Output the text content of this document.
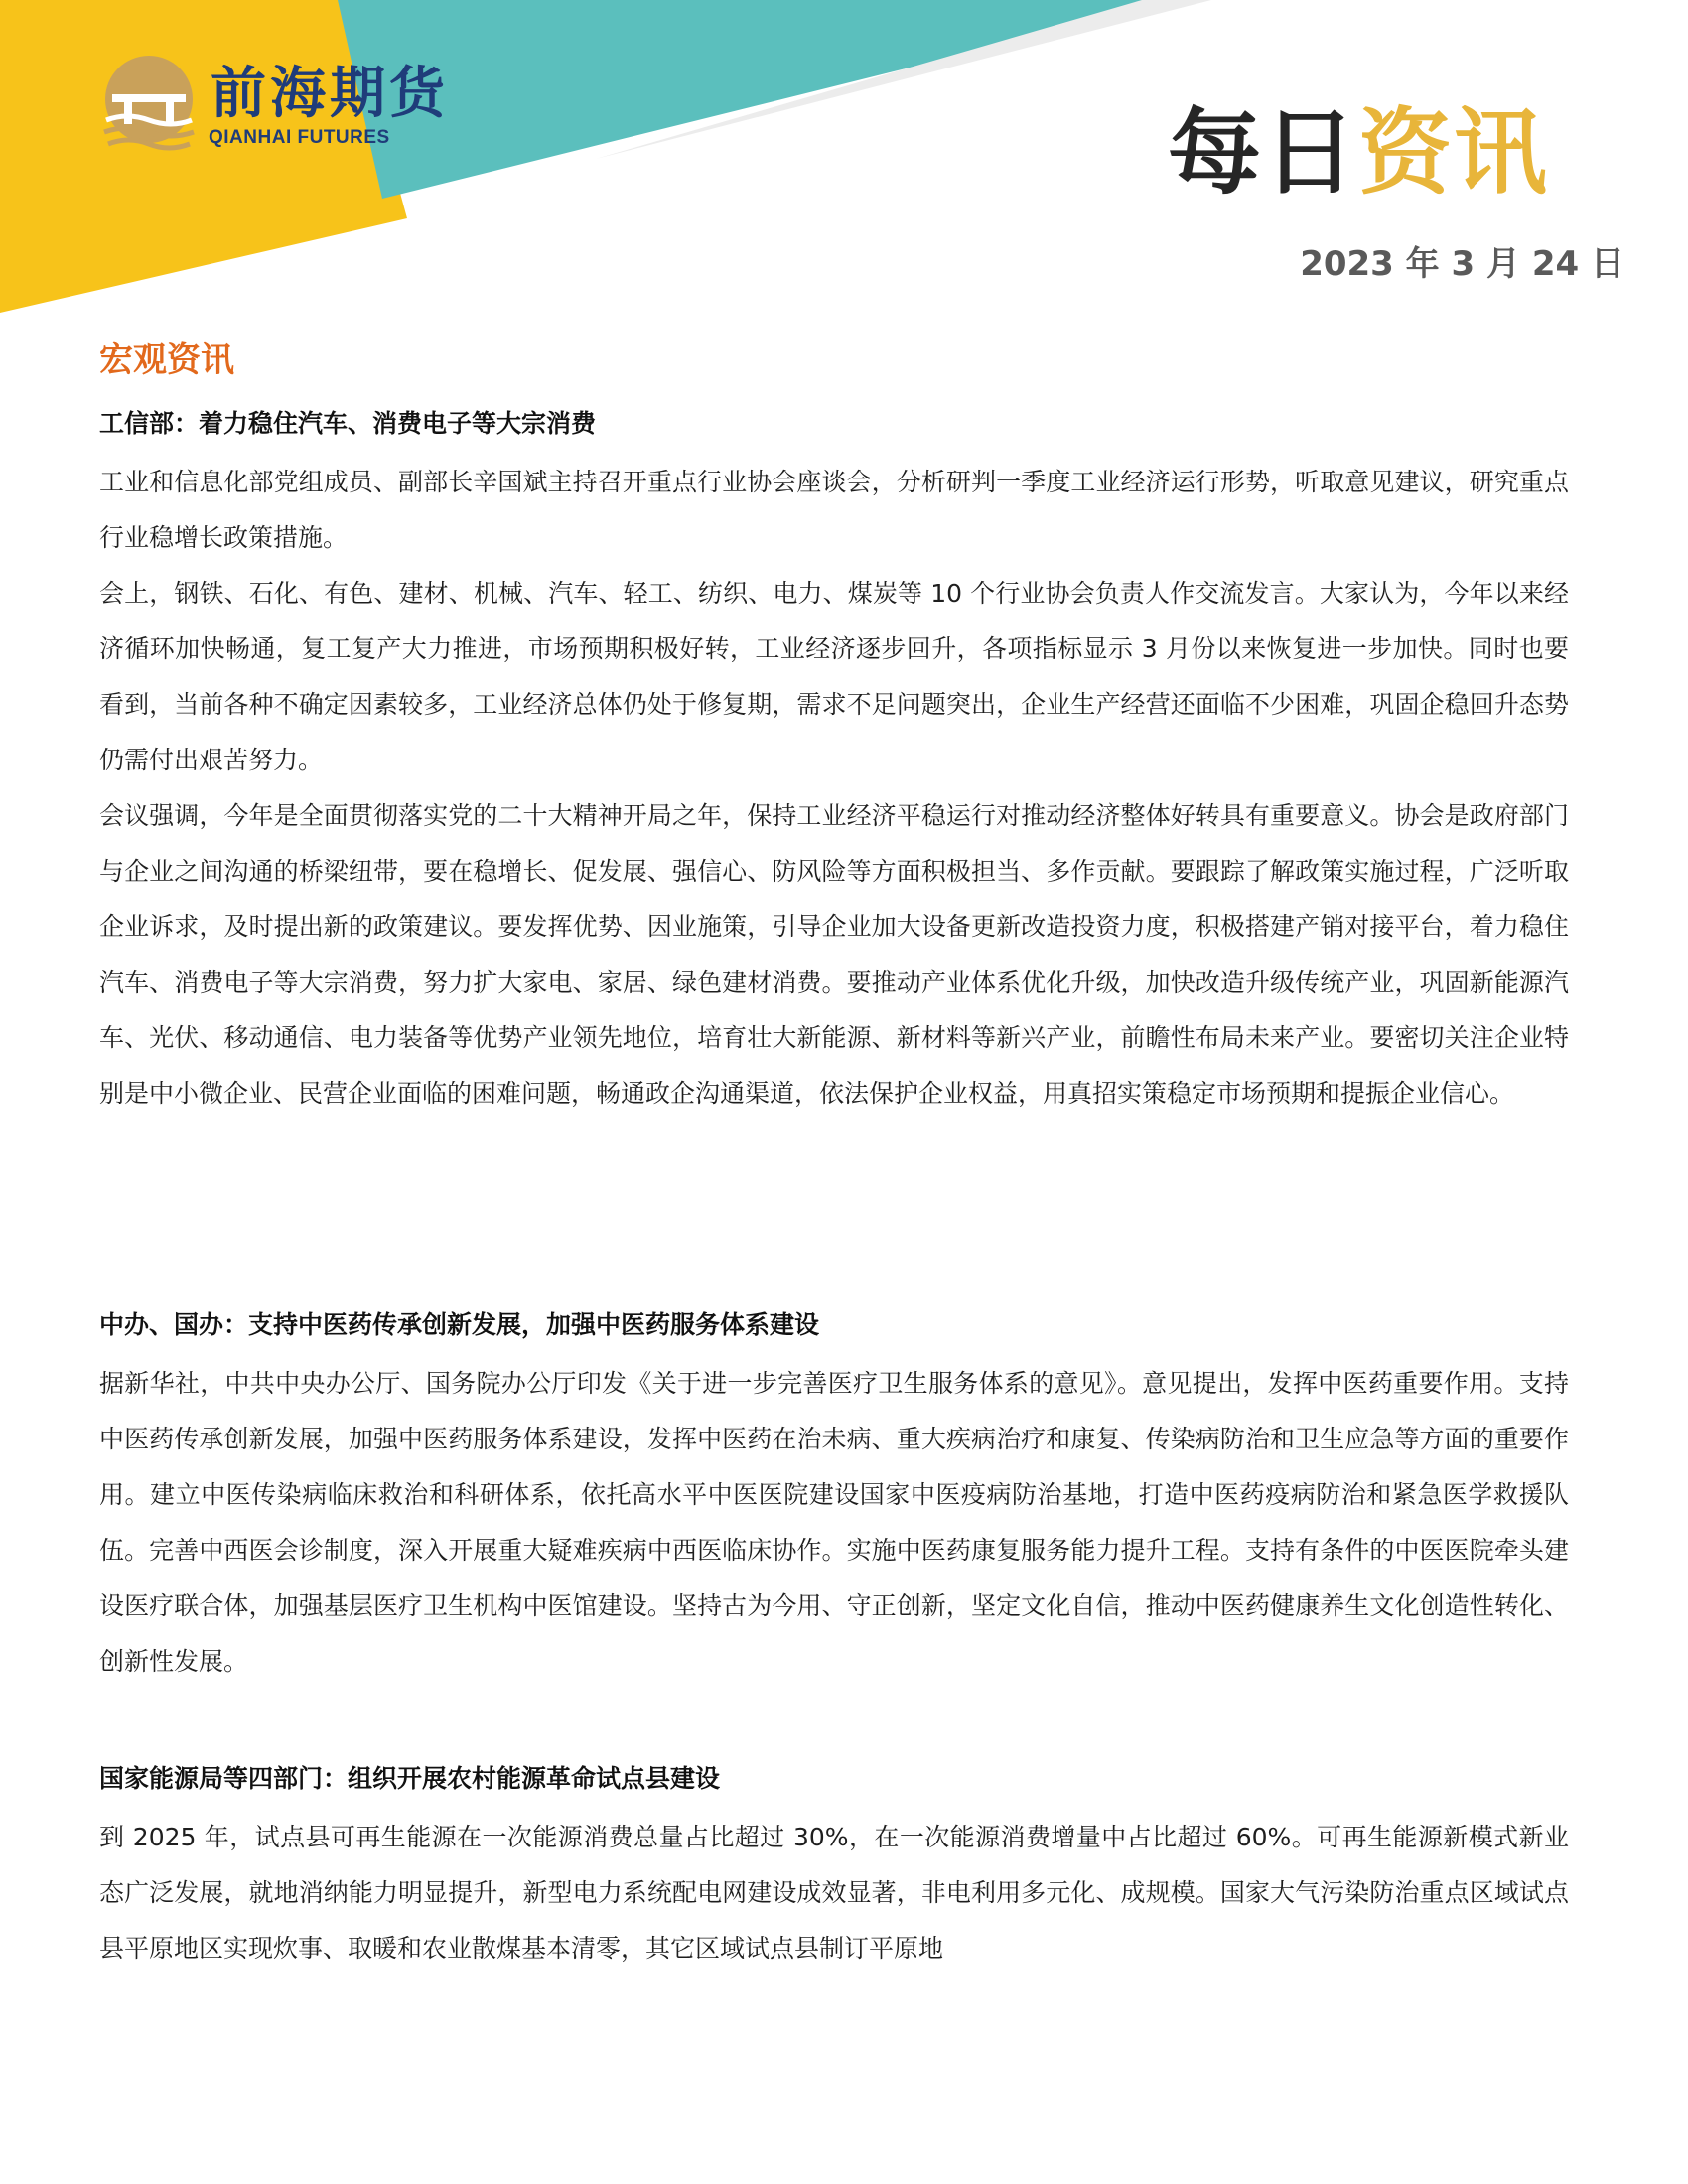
前海期货
QIANHAI FUTURES	每日资讯
2023 年 3 月 24 日
宏观资讯
工信部：着力稳住汽车、消费电子等大宗消费

工业和信息化部党组成员、副部长辛国斌主持召开重点行业协会座谈会，分析研判一季度工业经济运行形势，听取意见建议，研究重点行业稳增长政策措施。

会上，钢铁、石化、有色、建材、机械、汽车、轻工、纺织、电力、煤炭等 10 个行业协会负责人作交流发言。大家认为，今年以来经济循环加快畅通，复工复产大力推进，市场预期积极好转，工业经济逐步回升，各项指标显示 3 月份以来恢复进一步加快。同时也要看到，当前各种不确定因素较多，工业经济总体仍处于修复期，需求不足问题突出，企业生产经营还面临不少困难，巩固企稳回升态势仍需付出艰苦努力。

会议强调，今年是全面贯彻落实党的二十大精神开局之年，保持工业经济平稳运行对推动经济整体好转具有重要意义。协会是政府部门与企业之间沟通的桥梁纽带，要在稳增长、促发展、强信心、防风险等方面积极担当、多作贡献。要跟踪了解政策实施过程，广泛听取企业诉求，及时提出新的政策建议。要发挥优势、因业施策，引导企业加大设备更新改造投资力度，积极搭建产销对接平台，着力稳住汽车、消费电子等大宗消费，努力扩大家电、家居、绿色建材消费。要推动产业体系优化升级，加快改造升级传统产业，巩固新能源汽车、光伏、移动通信、电力装备等优势产业领先地位，培育壮大新能源、新材料等新兴产业，前瞻性布局未来产业。要密切关注企业特别是中小微企业、民营企业面临的困难问题，畅通政企沟通渠道，依法保护企业权益，用真招实策稳定市场预期和提振企业信心。

中办、国办：支持中医药传承创新发展，加强中医药服务体系建设

据新华社，中共中央办公厅、国务院办公厅印发《关于进一步完善医疗卫生服务体系的意见》。意见提出，发挥中医药重要作用。支持中医药传承创新发展，加强中医药服务体系建设，发挥中医药在治未病、重大疾病治疗和康复、传染病防治和卫生应急等方面的重要作用。建立中医传染病临床救治和科研体系，依托高水平中医医院建设国家中医疫病防治基地，打造中医药疫病防治和紧急医学救援队伍。完善中西医会诊制度，深入开展重大疑难疾病中西医临床协作。实施中医药康复服务能力提升工程。支持有条件的中医医院牵头建设医疗联合体，加强基层医疗卫生机构中医馆建设。坚持古为今用、守正创新，坚定文化自信，推动中医药健康养生文化创造性转化、创新性发展。

国家能源局等四部门：组织开展农村能源革命试点县建设

到 2025 年，试点县可再生能源在一次能源消费总量占比超过 30%，在一次能源消费增量中占比超过 60%。可再生能源新模式新业态广泛发展，就地消纳能力明显提升，新型电力系统配电网建设成效显著，非电利用多元化、成规模。国家大气污染防治重点区域试点县平原地区实现炊事、取暖和农业散煤基本清零，其它区域试点县制订平原地
